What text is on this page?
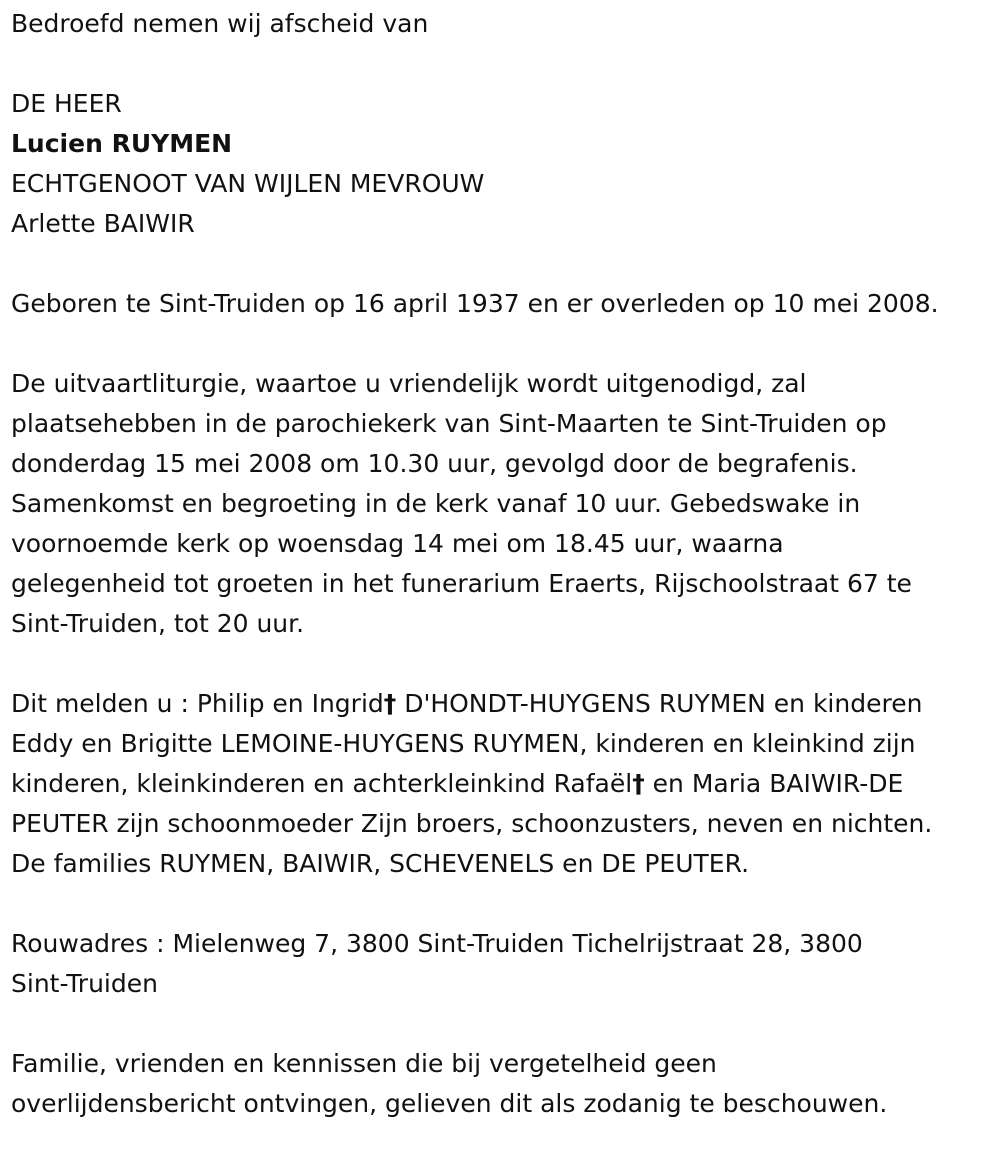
Bedroefd nemen wij afscheid van

DE HEER

Lucien RUYMEN

ECHTGENOOT VAN WIJLEN MEVROUW

Arlette BAIWIR

Geboren te Sint-Truiden op 16 april 1937 en er overleden op 10 mei 2008.

De uitvaartliturgie, waartoe u vriendelijk wordt uitgenodigd, zal

plaatsehebben in de parochiekerk van Sint-Maarten te Sint-Truiden op

donderdag 15 mei 2008 om 10.30 uur, gevolgd door de begrafenis.

Samenkomst en begroeting in de kerk vanaf 10 uur. Gebedswake in

voornoemde kerk op woensdag 14 mei om 18.45 uur, waarna

gelegenheid tot groeten in het funerarium Eraerts, Rijschoolstraat 67 te

Sint-Truiden, tot 20 uur.

Dit melden u : Philip en Ingrid† D'HONDT-HUYGENS RUYMEN en kinderen

Eddy en Brigitte LEMOINE-HUYGENS RUYMEN, kinderen en kleinkind zijn

kinderen, kleinkinderen en achterkleinkind Rafaël† en Maria BAIWIR-DE

PEUTER zijn schoonmoeder Zijn broers, schoonzusters, neven en nichten.

De families RUYMEN, BAIWIR, SCHEVENELS en DE PEUTER.

Rouwadres : Mielenweg 7, 3800 Sint-Truiden Tichelrijstraat 28, 3800

Sint-Truiden

Familie, vrienden en kennissen die bij vergetelheid geen

overlijdensbericht ontvingen, gelieven dit als zodanig te beschouwen.
